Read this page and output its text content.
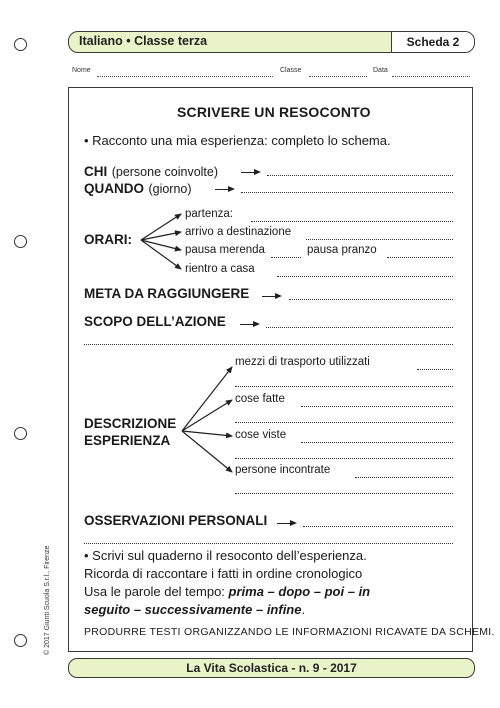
Italiano • Classe terza	Scheda 2
Nome	Classe	Data
SCRIVERE UN RESOCONTO
• Racconto una mia esperienza: completo lo schema.
CHI (persone coinvolte)
QUANDO (giorno)
ORARI:
partenza:
arrivo a destinazione
pausa merenda	pausa pranzo
rientro a casa
META DA RAGGIUNGERE
SCOPO DELL’AZIONE
DESCRIZIONE
ESPERIENZA
mezzi di trasporto utilizzati
cose fatte
cose viste
persone incontrate
OSSERVAZIONI PERSONALI
• Scrivi sul quaderno il resoconto dell’esperienza.
Ricorda di raccontare i fatti in ordine cronologico
Usa le parole del tempo: prima – dopo – poi – in
seguito – successivamente – infine.
PRODURRE TESTI ORGANIZZANDO LE INFORMAZIONI RICAVATE DA SCHEMI.
© 2017 Giunti Scuola S.r.l., Firenze
La Vita Scolastica - n. 9 - 2017
